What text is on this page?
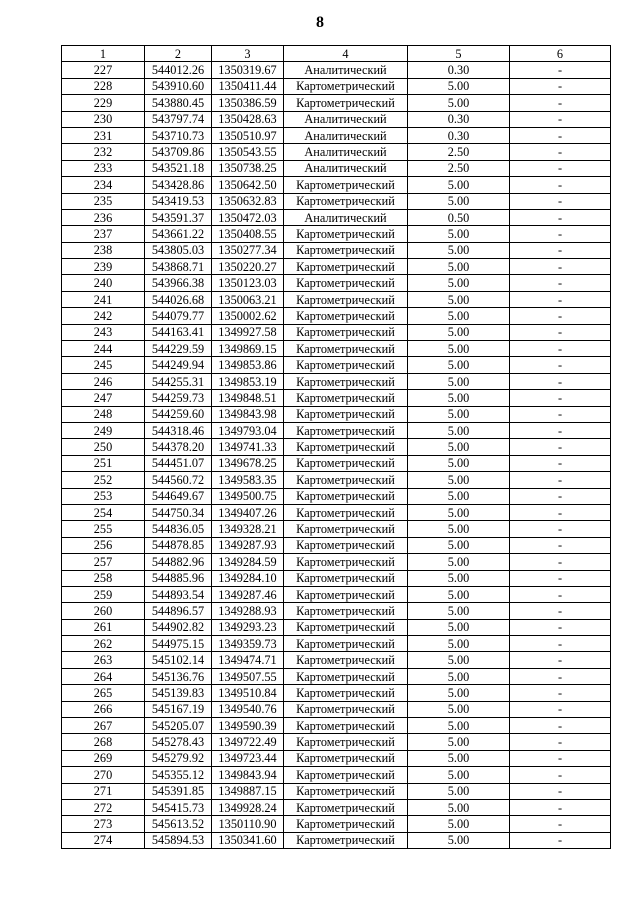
8
1	2	3	4	5	6
227	544012.26	1350319.67	Аналитический	0.30	-
228	543910.60	1350411.44	Картометрический	5.00	-
229	543880.45	1350386.59	Картометрический	5.00	-
230	543797.74	1350428.63	Аналитический	0.30	-
231	543710.73	1350510.97	Аналитический	0.30	-
232	543709.86	1350543.55	Аналитический	2.50	-
233	543521.18	1350738.25	Аналитический	2.50	-
234	543428.86	1350642.50	Картометрический	5.00	-
235	543419.53	1350632.83	Картометрический	5.00	-
236	543591.37	1350472.03	Аналитический	0.50	-
237	543661.22	1350408.55	Картометрический	5.00	-
238	543805.03	1350277.34	Картометрический	5.00	-
239	543868.71	1350220.27	Картометрический	5.00	-
240	543966.38	1350123.03	Картометрический	5.00	-
241	544026.68	1350063.21	Картометрический	5.00	-
242	544079.77	1350002.62	Картометрический	5.00	-
243	544163.41	1349927.58	Картометрический	5.00	-
244	544229.59	1349869.15	Картометрический	5.00	-
245	544249.94	1349853.86	Картометрический	5.00	-
246	544255.31	1349853.19	Картометрический	5.00	-
247	544259.73	1349848.51	Картометрический	5.00	-
248	544259.60	1349843.98	Картометрический	5.00	-
249	544318.46	1349793.04	Картометрический	5.00	-
250	544378.20	1349741.33	Картометрический	5.00	-
251	544451.07	1349678.25	Картометрический	5.00	-
252	544560.72	1349583.35	Картометрический	5.00	-
253	544649.67	1349500.75	Картометрический	5.00	-
254	544750.34	1349407.26	Картометрический	5.00	-
255	544836.05	1349328.21	Картометрический	5.00	-
256	544878.85	1349287.93	Картометрический	5.00	-
257	544882.96	1349284.59	Картометрический	5.00	-
258	544885.96	1349284.10	Картометрический	5.00	-
259	544893.54	1349287.46	Картометрический	5.00	-
260	544896.57	1349288.93	Картометрический	5.00	-
261	544902.82	1349293.23	Картометрический	5.00	-
262	544975.15	1349359.73	Картометрический	5.00	-
263	545102.14	1349474.71	Картометрический	5.00	-
264	545136.76	1349507.55	Картометрический	5.00	-
265	545139.83	1349510.84	Картометрический	5.00	-
266	545167.19	1349540.76	Картометрический	5.00	-
267	545205.07	1349590.39	Картометрический	5.00	-
268	545278.43	1349722.49	Картометрический	5.00	-
269	545279.92	1349723.44	Картометрический	5.00	-
270	545355.12	1349843.94	Картометрический	5.00	-
271	545391.85	1349887.15	Картометрический	5.00	-
272	545415.73	1349928.24	Картометрический	5.00	-
273	545613.52	1350110.90	Картометрический	5.00	-
274	545894.53	1350341.60	Картометрический	5.00	-
